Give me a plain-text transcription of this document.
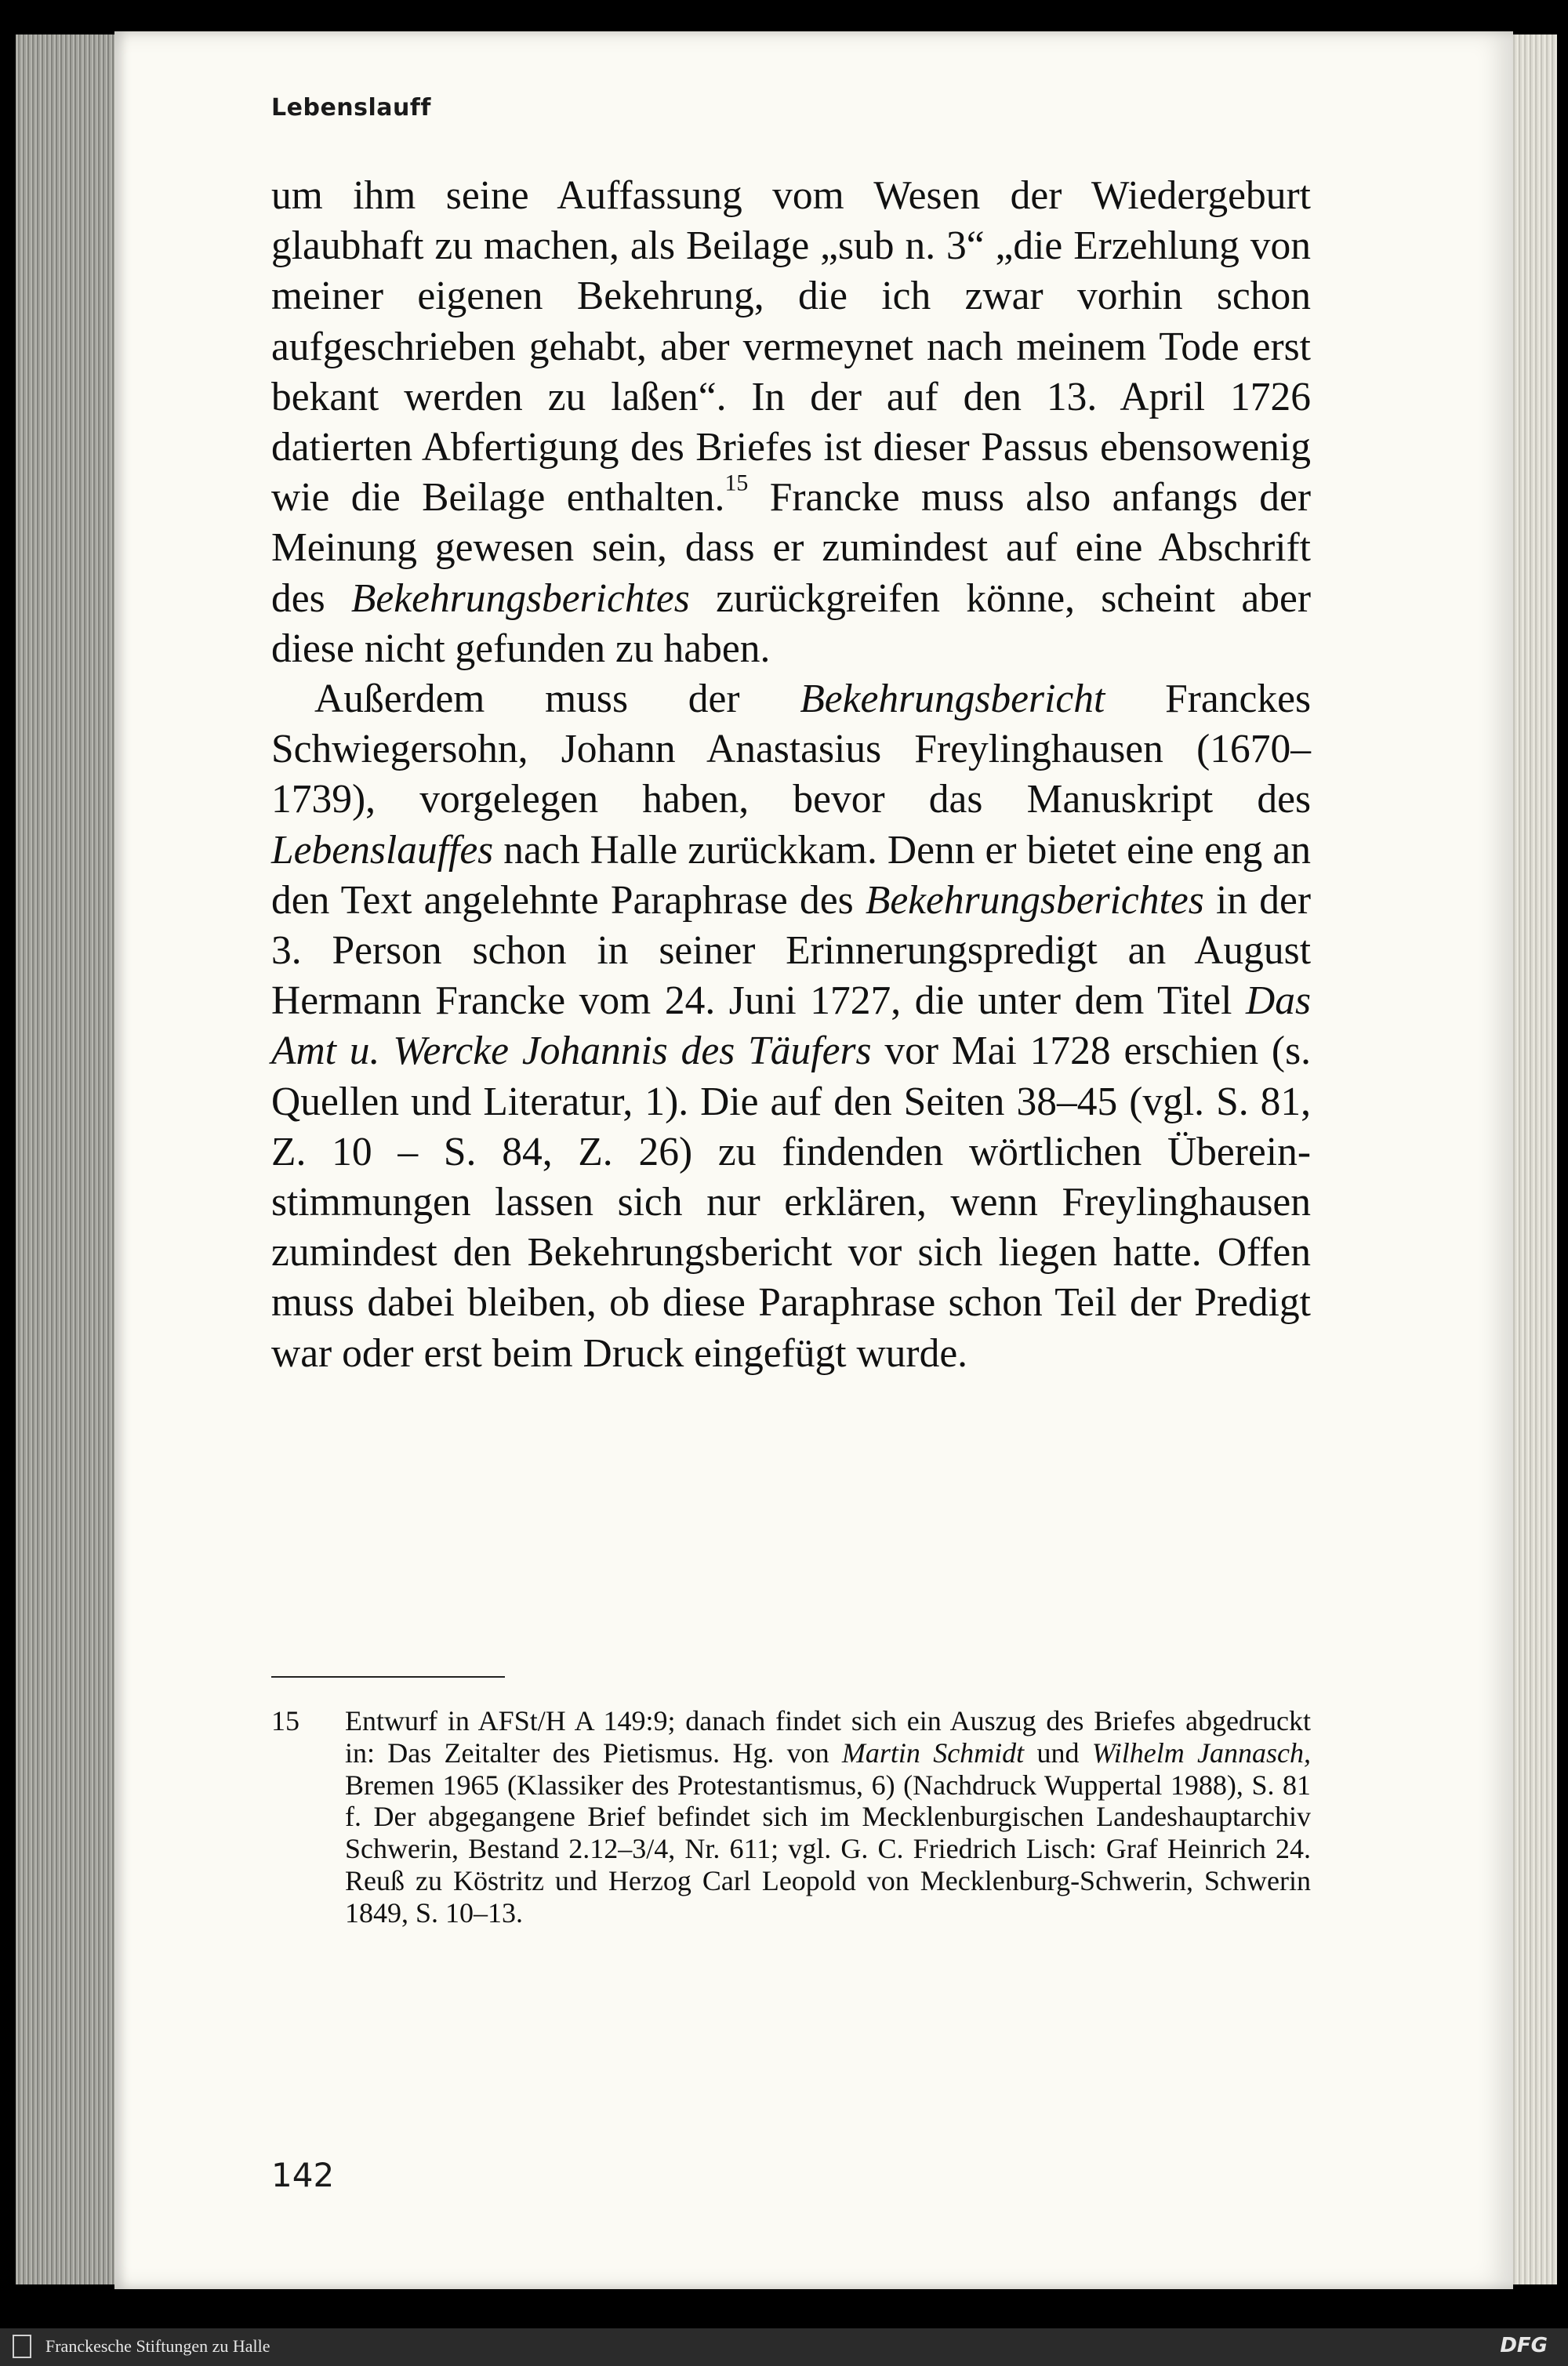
Lebenslauff

um ihm seine Auffassung vom Wesen der Wiedergeburt glaubhaft zu machen, als Beilage „sub n. 3“ „die Erzehlung von meiner eigenen Bekehrung, die ich zwar vorhin schon aufgeschrieben gehabt, aber vermeynet nach meinem Tode erst bekant werden zu laßen“. In der auf den 13. April 1726 datierten Abfertigung des Briefes ist dieser Passus ebensowenig wie die Beilage enthalten.$^{15}$ Francke muss also anfangs der Meinung gewesen sein, dass er zumindest auf eine Abschrift des Bekehrungsberichtes zurückgreifen könne, scheint aber diese nicht gefunden zu haben.

Außerdem muss der Bekehrungsbericht Franckes Schwiegersohn, Johann Anastasius Freylinghausen (1670–1739), vorgelegen haben, bevor das Manuskript des Lebenslauffes nach Halle zurückkam. Denn er bietet eine eng an den Text angelehnte Paraphrase des Bekehrungsberichtes in der 3. Person schon in seiner Erinnerungspredigt an August Hermann Francke vom 24. Juni 1727, die unter dem Titel Das Amt u. Wercke Johannis des Täufers vor Mai 1728 erschien (s. Quellen und Literatur, 1). Die auf den Seiten 38–45 (vgl. S. 81, Z. 10 – S. 84, Z. 26) zu findenden wörtlichen Übereinstimmungen lassen sich nur erklären, wenn Freylinghausen zumindest den Bekehrungsbericht vor sich liegen hatte. Offen muss dabei bleiben, ob diese Paraphrase schon Teil der Predigt war oder erst beim Druck eingefügt wurde.

15	Entwurf in AFSt/H A 149:9; danach findet sich ein Auszug des Briefes abgedruckt in: Das Zeitalter des Pietismus. Hg. von Martin Schmidt und Wilhelm Jannasch, Bremen 1965 (Klassiker des Protestantismus, 6) (Nachdruck Wuppertal 1988), S. 81 f. Der abgegangene Brief befindet sich im Mecklenburgischen Landeshauptarchiv Schwerin, Bestand 2.12–3/4, Nr. 611; vgl. G. C. Friedrich Lisch: Graf Heinrich 24. Reuß zu Köstritz und Herzog Carl Leopold von Mecklenburg-Schwerin, Schwerin 1849, S. 10–13.
142
Franckesche Stiftungen zu Halle	DFG
